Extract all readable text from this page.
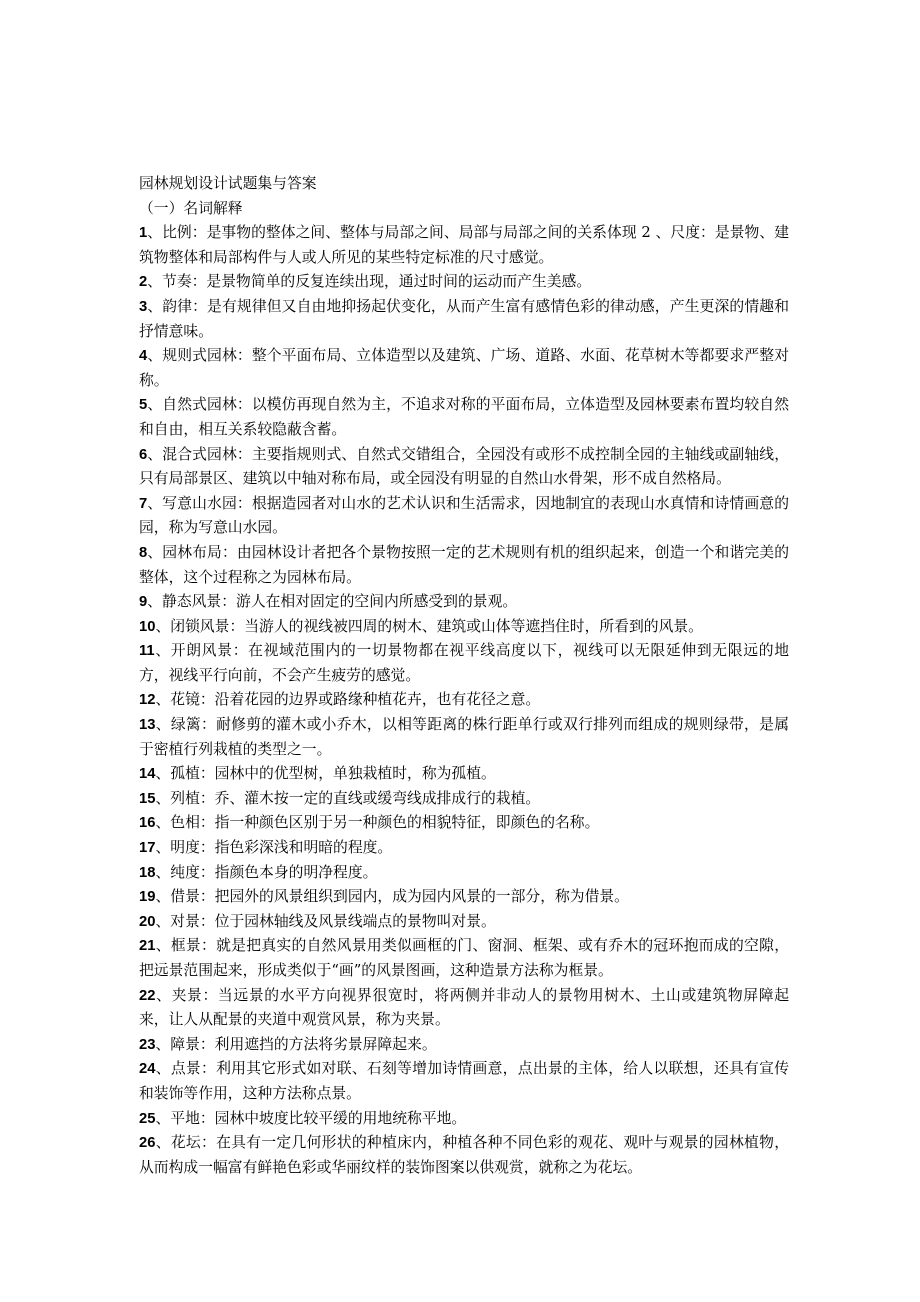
园林规划设计试题集与答案

（一）名词解释

1、比例：是事物的整体之间、整体与局部之间、局部与局部之间的关系体现 2 、尺度：是景物、建筑物整体和局部构件与人或人所见的某些特定标准的尺寸感觉。

2、节奏：是景物简单的反复连续出现，通过时间的运动而产生美感。

3、韵律：是有规律但又自由地抑扬起伏变化，从而产生富有感情色彩的律动感，产生更深的情趣和抒情意味。

4、规则式园林：整个平面布局、立体造型以及建筑、广场、道路、水面、花草树木等都要求严整对称。

5、自然式园林：以模仿再现自然为主，不追求对称的平面布局，立体造型及园林要素布置均较自然和自由，相互关系较隐蔽含蓄。

6、混合式园林：主要指规则式、自然式交错组合，全园没有或形不成控制全园的主轴线或副轴线，只有局部景区、建筑以中轴对称布局，或全园没有明显的自然山水骨架，形不成自然格局。

7、写意山水园：根据造园者对山水的艺术认识和生活需求，因地制宜的表现山水真情和诗情画意的园，称为写意山水园。

8、园林布局：由园林设计者把各个景物按照一定的艺术规则有机的组织起来，创造一个和谐完美的整体，这个过程称之为园林布局。

9、静态风景：游人在相对固定的空间内所感受到的景观。

10、闭锁风景：当游人的视线被四周的树木、建筑或山体等遮挡住时，所看到的风景。

11、开朗风景：在视域范围内的一切景物都在视平线高度以下，视线可以无限延伸到无限远的地方，视线平行向前，不会产生疲劳的感觉。

12、花镜：沿着花园的边界或路缘种植花卉，也有花径之意。

13、绿篱：耐修剪的灌木或小乔木，以相等距离的株行距单行或双行排列而组成的规则绿带，是属于密植行列栽植的类型之一。

14、孤植：园林中的优型树，单独栽植时，称为孤植。

15、列植：乔、灌木按一定的直线或缓弯线成排成行的栽植。

16、色相：指一种颜色区别于另一种颜色的相貌特征，即颜色的名称。

17、明度：指色彩深浅和明暗的程度。

18、纯度：指颜色本身的明净程度。

19、借景：把园外的风景组织到园内，成为园内风景的一部分，称为借景。

20、对景：位于园林轴线及风景线端点的景物叫对景。

21、框景：就是把真实的自然风景用类似画框的门、窗洞、框架、或有乔木的冠环抱而成的空隙，把远景范围起来，形成类似于“画”的风景图画，这种造景方法称为框景。

22、夹景：当远景的水平方向视界很宽时，将两侧并非动人的景物用树木、土山或建筑物屏障起来，让人从配景的夹道中观赏风景，称为夹景。

23、障景：利用遮挡的方法将劣景屏障起来。

24、点景：利用其它形式如对联、石刻等增加诗情画意，点出景的主体，给人以联想，还具有宣传和装饰等作用，这种方法称点景。

25、平地：园林中坡度比较平缓的用地统称平地。

26、花坛：在具有一定几何形状的种植床内，种植各种不同色彩的观花、观叶与观景的园林植物，从而构成一幅富有鲜艳色彩或华丽纹样的装饰图案以供观赏，就称之为花坛。
